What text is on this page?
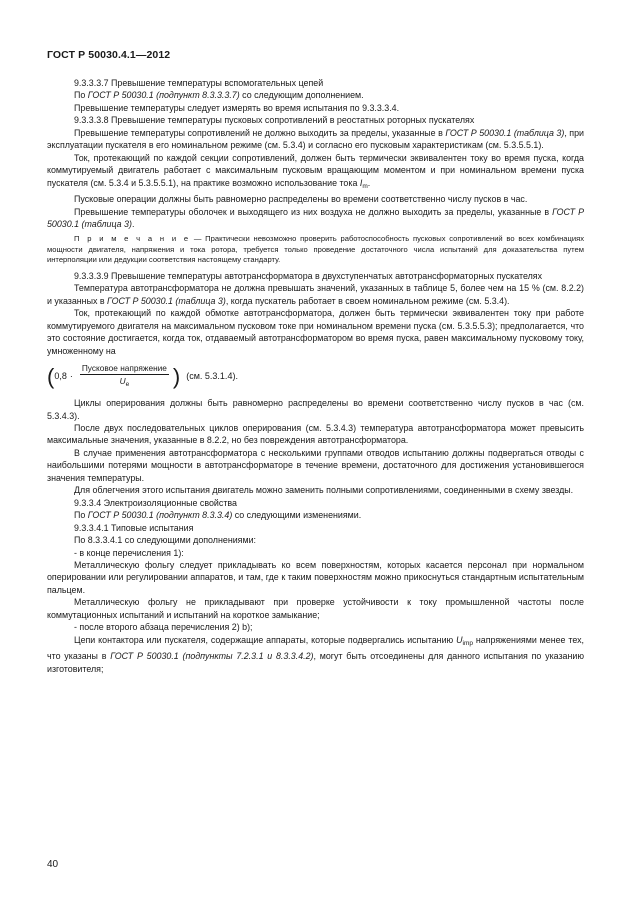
ГОСТ Р 50030.4.1—2012

9.3.3.3.7 Превышение температуры вспомогательных цепей

По ГОСТ Р 50030.1 (подпункт 8.3.3.3.7) со следующим дополнением.

Превышение температуры следует измерять во время испытания по 9.3.3.3.4.

9.3.3.3.8 Превышение температуры пусковых сопротивлений в реостатных роторных пускателях

Превышение температуры сопротивлений не должно выходить за пределы, указанные в ГОСТ Р 50030.1 (таблица 3), при эксплуатации пускателя в его номинальном режиме (см. 5.3.4) и согласно его пусковым характеристикам (см. 5.3.5.5.1).

Ток, протекающий по каждой секции сопротивлений, должен быть термически эквивалентен току во время пуска, когда коммутируемый двигатель работает с максимальным пусковым вращающим моментом и при номинальном времени пуска пускателя (см. 5.3.4 и 5.3.5.5.1), на практике возможно использование тока $I_m$.

Пусковые операции должны быть равномерно распределены во времени соответственно числу пусков в час.

Превышение температуры оболочек и выходящего из них воздуха не должно выходить за пределы, указанные в ГОСТ Р 50030.1 (таблица 3).

П р и м е ч а н и е — Практически невозможно проверить работоспособность пусковых сопротивлений во всех комбинациях мощности двигателя, напряжения и тока ротора, требуется только проведение достаточного числа испытаний для доказательства путем интерполяции или дедукции соответствия настоящему стандарту.

9.3.3.3.9 Превышение температуры автотрансформатора в двухступенчатых автотрансформаторных пускателях

Температура автотрансформатора не должна превышать значений, указанных в таблице 5, более чем на 15 % (см. 8.2.2) и указанных в ГОСТ Р 50030.1 (таблица 3), когда пускатель работает в своем номинальном режиме (см. 5.3.4).

Ток, протекающий по каждой обмотке автотрансформатора, должен быть термически эквивалентен току при работе коммутируемого двигателя на максимальном пусковом токе при номинальном времени пуска (см. 5.3.5.5.3); предполагается, что это состояние достигается, когда ток, отдаваемый автотрансформатором во время пуска, равен максимальному пусковому току, умноженному на

( $0,8 \cdot \frac{\text{Пусковое напряжение}}{U_e}$ ) (см. 5.3.1.4).

Циклы оперирования должны быть равномерно распределены во времени соответственно числу пусков в час (см. 5.3.4.3).

После двух последовательных циклов оперирования (см. 5.3.4.3) температура автотрансформатора может превысить максимальные значения, указанные в 8.2.2, но без повреждения автотрансформатора.

В случае применения автотрансформатора с несколькими группами отводов испытанию должны подвергаться отводы с наибольшими потерями мощности в автотрансформаторе в течение времени, достаточного для достижения установившегося значения температуры.

Для облегчения этого испытания двигатель можно заменить полными сопротивлениями, соединенными в схему звезды.

9.3.3.4 Электроизоляционные свойства

По ГОСТ Р 50030.1 (подпункт 8.3.3.4) со следующими изменениями.

9.3.3.4.1 Типовые испытания

По 8.3.3.4.1 со следующими дополнениями:

- в конце перечисления 1):

Металлическую фольгу следует прикладывать ко всем поверхностям, которых касается персонал при нормальном оперировании или регулировании аппаратов, и там, где к таким поверхностям можно прикоснуться стандартным испытательным пальцем.

Металлическую фольгу не прикладывают при проверке устойчивости к току промышленной частоты после коммутационных испытаний и испытаний на короткое замыкание;

- после второго абзаца перечисления 2) b);

Цепи контактора или пускателя, содержащие аппараты, которые подвергались испытанию $U_{imp}$ напряжениями менее тех, что указаны в ГОСТ Р 50030.1 (подпункты 7.2.3.1 и 8.3.3.4.2), могут быть отсоединены для данного испытания по указанию изготовителя;

40
